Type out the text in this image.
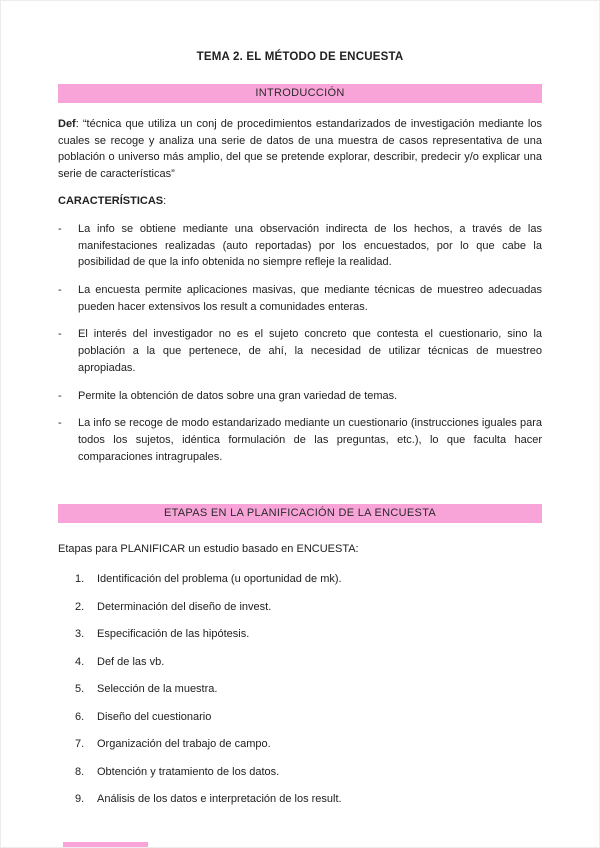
TEMA 2. EL MÉTODO DE ENCUESTA
INTRODUCCIÓN

Def: “técnica que utiliza un conj de procedimientos estandarizados de investigación mediante los cuales se recoge y analiza una serie de datos de una muestra de casos representativa de una población o universo más amplio, del que se pretende explorar, describir, predecir y/o explicar una serie de características”

CARACTERÍSTICAS:
-	La info se obtiene mediante una observación indirecta de los hechos, a través de las manifestaciones realizadas (auto reportadas) por los encuestados, por lo que cabe la posibilidad de que la info obtenida no siempre refleje la realidad.
-	La encuesta permite aplicaciones masivas, que mediante técnicas de muestreo adecuadas pueden hacer extensivos los result a comunidades enteras.
-	El interés del investigador no es el sujeto concreto que contesta el cuestionario, sino la población a la que pertenece, de ahí, la necesidad de utilizar técnicas de muestreo apropiadas.
-	Permite la obtención de datos sobre una gran variedad de temas.
-	La info se recoge de modo estandarizado mediante un cuestionario (instrucciones iguales para todos los sujetos, idéntica formulación de las preguntas, etc.), lo que faculta hacer comparaciones intragrupales.
ETAPAS EN LA PLANIFICACIÓN DE LA ENCUESTA
Etapas para PLANIFICAR un estudio basado en ENCUESTA:
1.	Identificación del problema (u oportunidad de mk).
2.	Determinación del diseño de invest.
3.	Especificación de las hipótesis.
4.	Def de las vb.
5.	Selección de la muestra.
6.	Diseño del cuestionario
7.	Organización del trabajo de campo.
8.	Obtención y tratamiento de los datos.
9.	Análisis de los datos e interpretación de los result.
